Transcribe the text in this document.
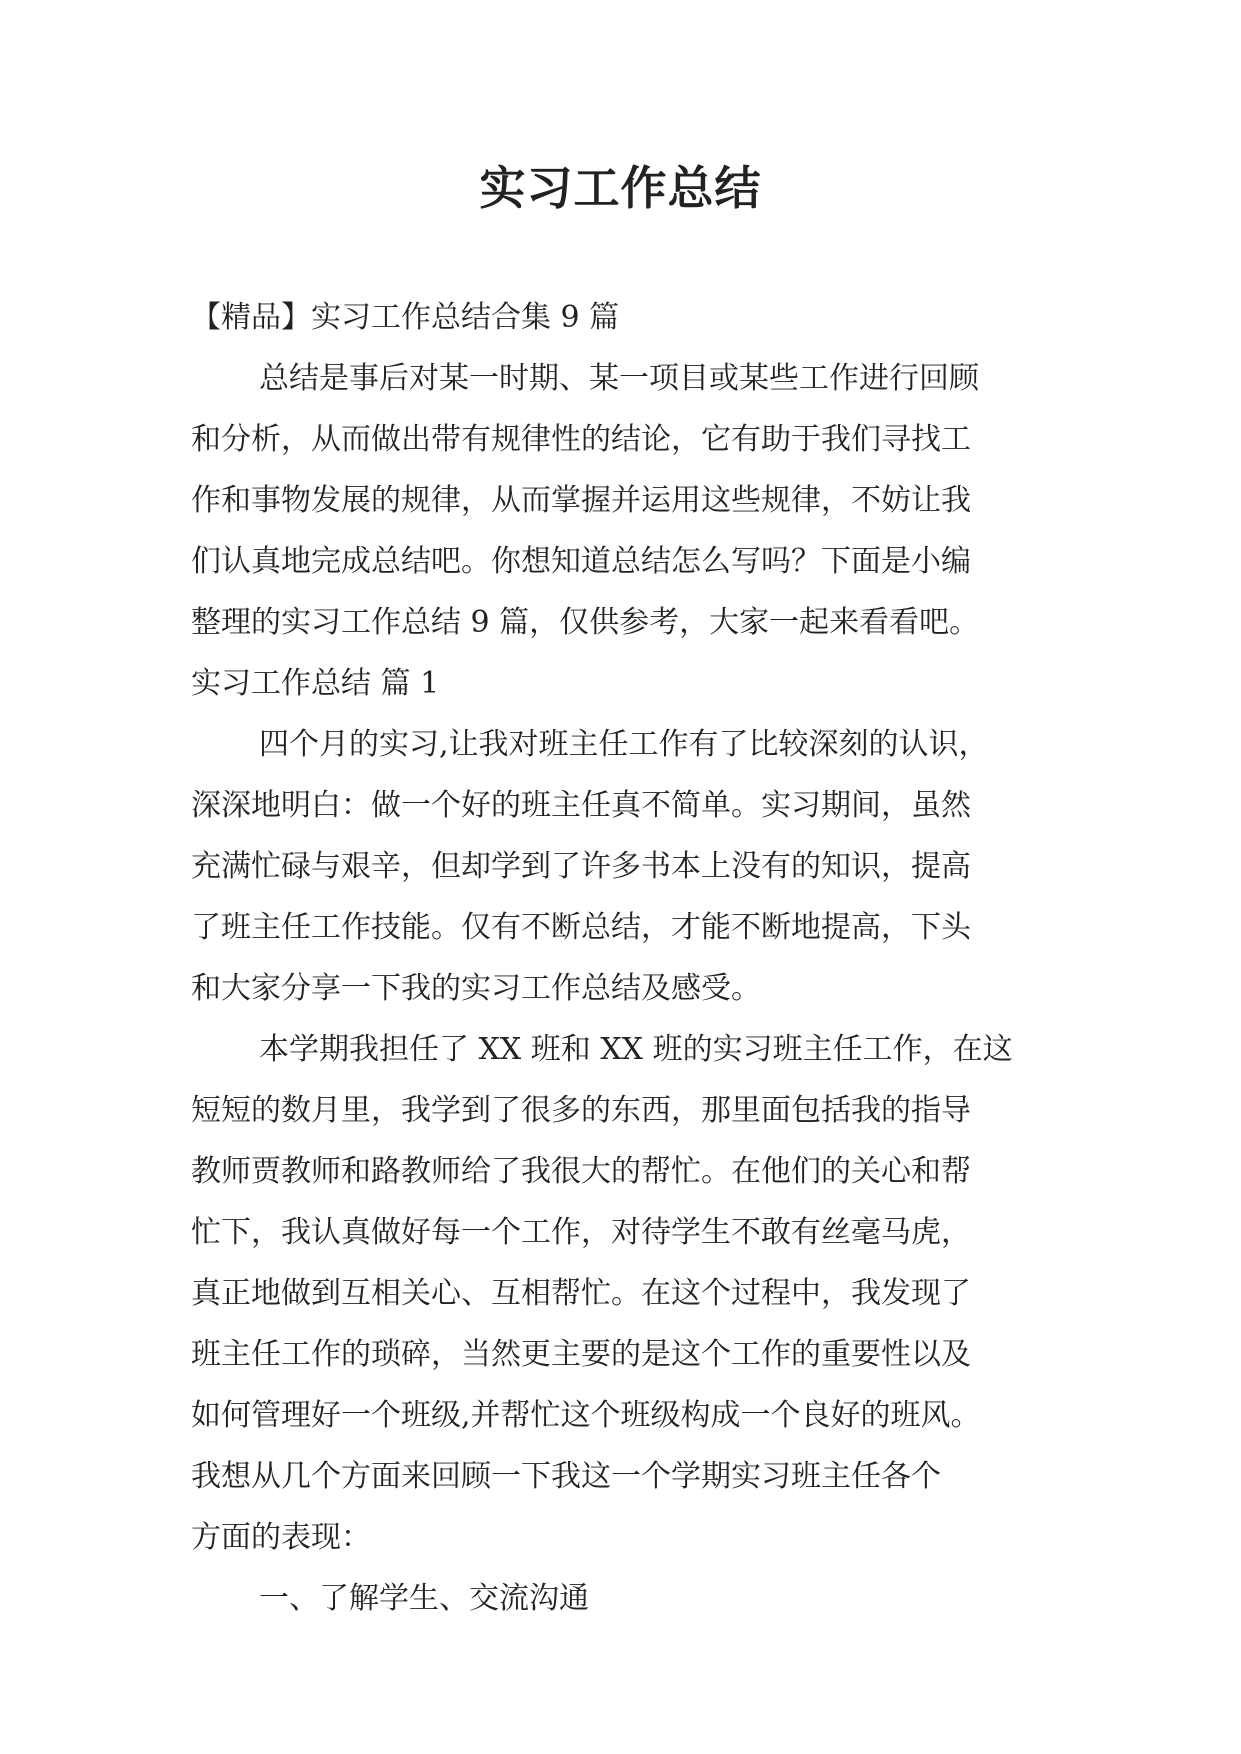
实习工作总结
【精品】实习工作总结合集 9 篇
总结是事后对某一时期、某一项目或某些工作进行回顾
和分析，从而做出带有规律性的结论，它有助于我们寻找工
作和事物发展的规律，从而掌握并运用这些规律，不妨让我
们认真地完成总结吧。你想知道总结怎么写吗？下面是小编
整理的实习工作总结 9 篇，仅供参考，大家一起来看看吧。
实习工作总结 篇 1
四个月的实习,让我对班主任工作有了比较深刻的认识，
深深地明白：做一个好的班主任真不简单。实习期间，虽然
充满忙碌与艰辛，但却学到了许多书本上没有的知识，提高
了班主任工作技能。仅有不断总结，才能不断地提高，下头
和大家分享一下我的实习工作总结及感受。
本学期我担任了 XX 班和 XX 班的实习班主任工作，在这
短短的数月里，我学到了很多的东西，那里面包括我的指导
教师贾教师和路教师给了我很大的帮忙。在他们的关心和帮
忙下，我认真做好每一个工作，对待学生不敢有丝毫马虎，
真正地做到互相关心、互相帮忙。在这个过程中，我发现了
班主任工作的琐碎，当然更主要的是这个工作的重要性以及
如何管理好一个班级,并帮忙这个班级构成一个良好的班风。
我想从几个方面来回顾一下我这一个学期实习班主任各个
方面的表现：
一、了解学生、交流沟通
